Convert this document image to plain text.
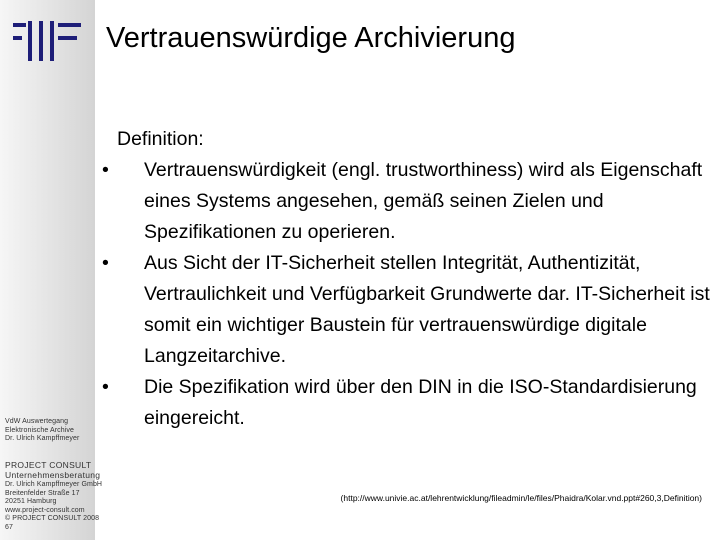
VdW Auswertegang
Elektronische Archive
Dr. Ulrich Kampffmeyer
PROJECT CONSULT
Unternehmensberatung
Dr. Ulrich Kampffmeyer GmbH
Breitenfelder Straße 17
20251 Hamburg
www.project-consult.com
© PROJECT CONSULT 2008
67
Vertrauenswürdige Archivierung

Definition:

• Vertrauenswürdigkeit (engl. trustworthiness) wird als Eigenschaft eines Systems angesehen, gemäß seinen Zielen und Spezifikationen zu operieren.
• Aus Sicht der IT-Sicherheit stellen Integrität, Authentizität, Vertraulichkeit und Verfügbarkeit Grundwerte dar. IT-Sicherheit ist somit ein wichtiger Baustein für vertrauenswürdige digitale Langzeitarchive.
• Die Spezifikation wird über den DIN in die ISO-Standardisierung eingereicht.
(http://www.univie.ac.at/lehrentwicklung/fileadmin/le/files/Phaidra/Kolar.vnd.ppt#260,3,Definition)
